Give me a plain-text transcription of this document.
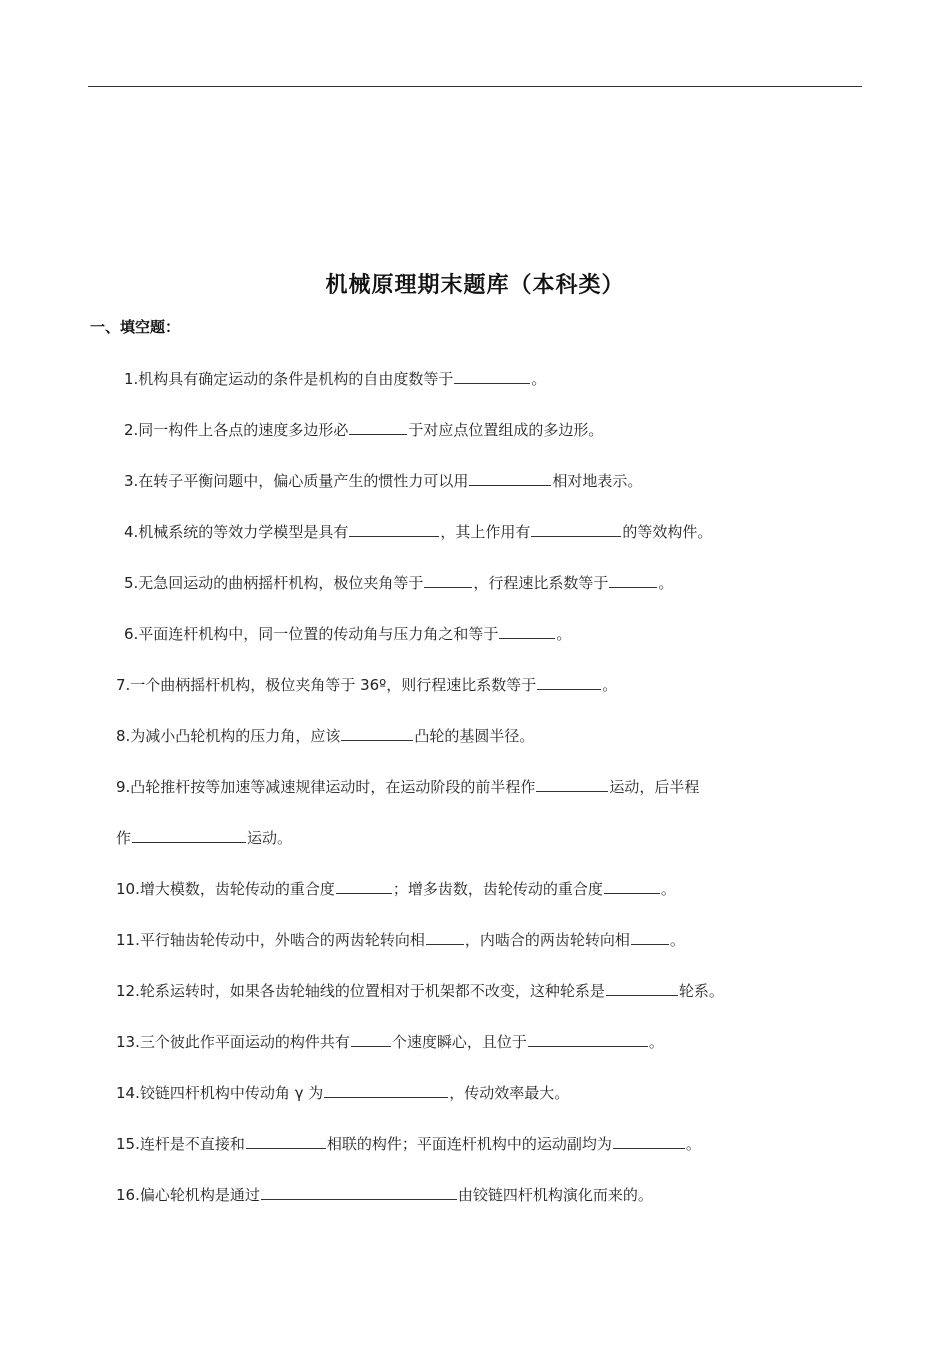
机械原理期末题库（本科类）
一、填空题：
1.机构具有确定运动的条件是机构的自由度数等于	。
2.同一构件上各点的速度多边形必	于对应点位置组成的多边形。
3.在转子平衡问题中，偏心质量产生的惯性力可以用	相对地表示。
4.机械系统的等效力学模型是具有	，其上作用有	的等效构件。
5.无急回运动的曲柄摇杆机构，极位夹角等于	，行程速比系数等于	。
6.平面连杆机构中，同一位置的传动角与压力角之和等于	。
7.一个曲柄摇杆机构，极位夹角等于 36º，则行程速比系数等于	。
8.为减小凸轮机构的压力角，应该	凸轮的基圆半径。
9.凸轮推杆按等加速等减速规律运动时，在运动阶段的前半程作	运动，后半程
作	运动。
10.增大模数，齿轮传动的重合度	；增多齿数，齿轮传动的重合度	。
11.平行轴齿轮传动中，外啮合的两齿轮转向相	，内啮合的两齿轮转向相	。
12.轮系运转时，如果各齿轮轴线的位置相对于机架都不改变，这种轮系是	轮系。
13.三个彼此作平面运动的构件共有	个速度瞬心，且位于	。
14.铰链四杆机构中传动角 γ 为	，传动效率最大。
15.连杆是不直接和	相联的构件；平面连杆机构中的运动副均为	。
16.偏心轮机构是通过	由铰链四杆机构演化而来的。
